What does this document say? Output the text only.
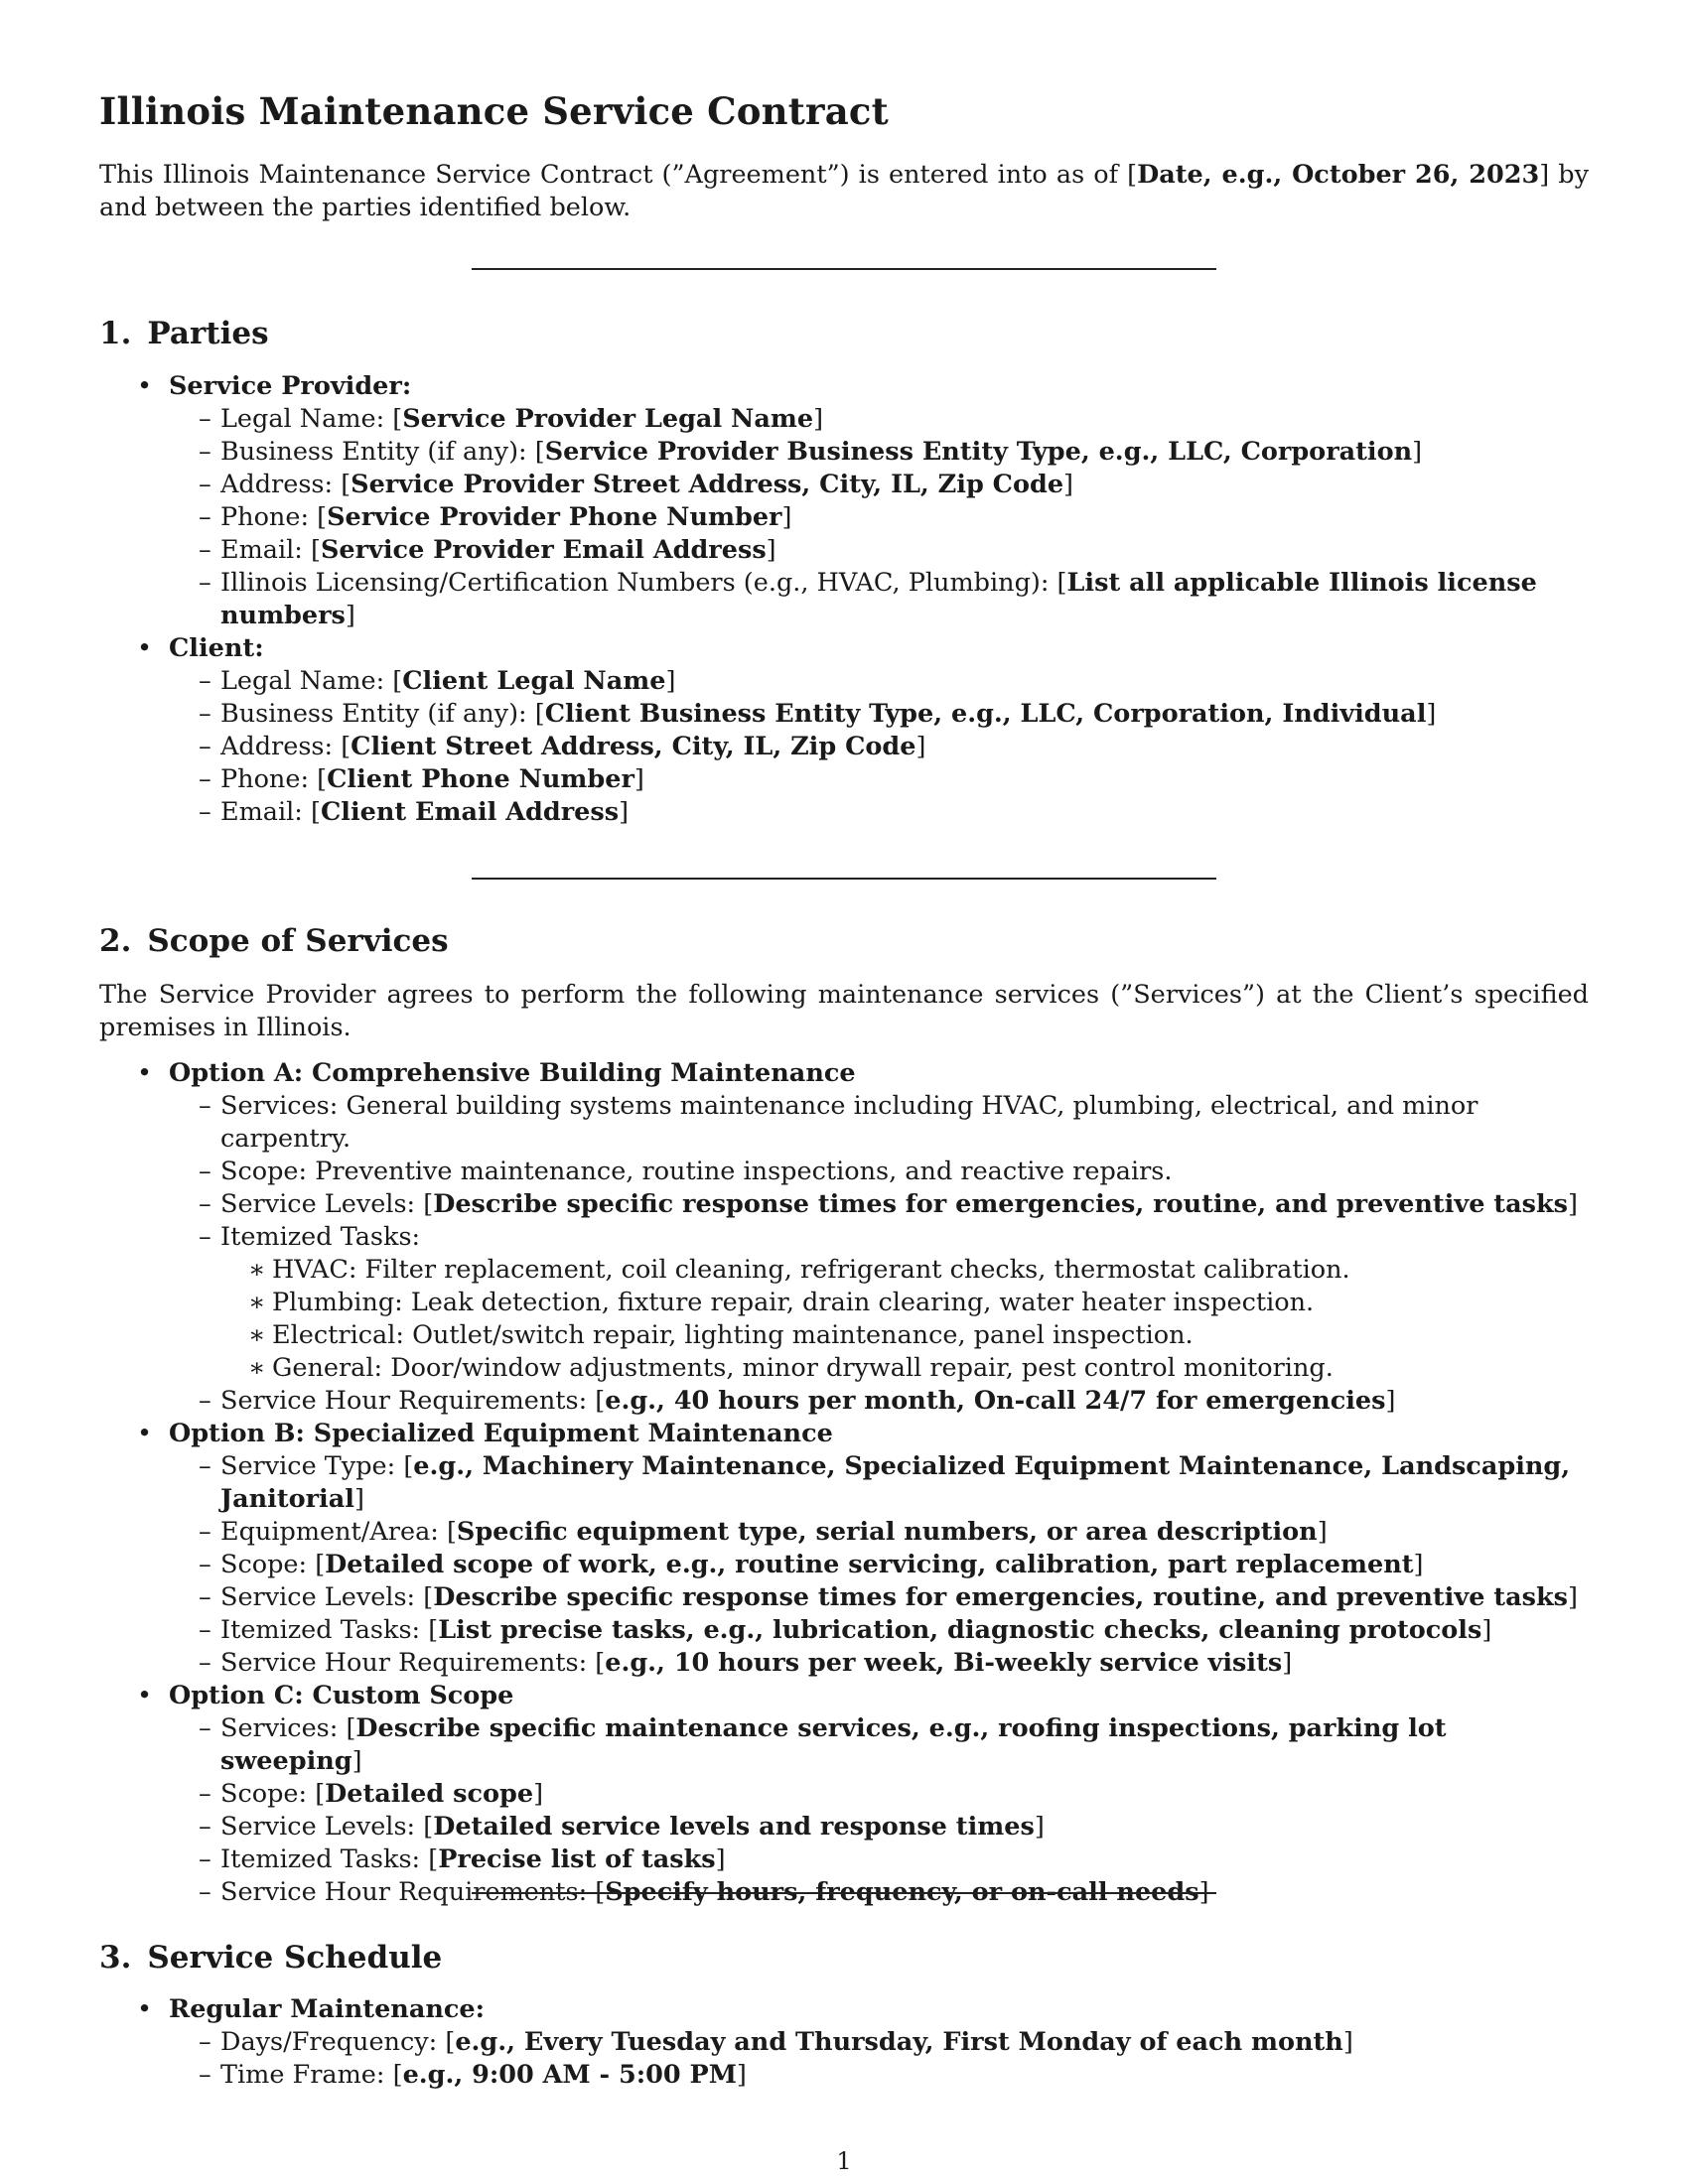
Illinois Maintenance Service Contract
This Illinois Maintenance Service Contract (”Agreement”) is entered into as of [Date, e.g., October 26, 2023] by and between the parties identified below.
1. Parties
• Service Provider:
– Legal Name: [Service Provider Legal Name]
– Business Entity (if any): [Service Provider Business Entity Type, e.g., LLC, Corporation]
– Address: [Service Provider Street Address, City, IL, Zip Code]
– Phone: [Service Provider Phone Number]
– Email: [Service Provider Email Address]
– Illinois Licensing/Certification Numbers (e.g., HVAC, Plumbing): [List all applicable Illinois license numbers]
• Client:
– Legal Name: [Client Legal Name]
– Business Entity (if any): [Client Business Entity Type, e.g., LLC, Corporation, Individual]
– Address: [Client Street Address, City, IL, Zip Code]
– Phone: [Client Phone Number]
– Email: [Client Email Address]
2. Scope of Services
The Service Provider agrees to perform the following maintenance services (”Services”) at the Client’s specified premises in Illinois.
• Option A: Comprehensive Building Maintenance
– Services: General building systems maintenance including HVAC, plumbing, electrical, and minor carpentry.
– Scope: Preventive maintenance, routine inspections, and reactive repairs.
– Service Levels: [Describe specific response times for emergencies, routine, and preventive tasks]
– Itemized Tasks:
∗ HVAC: Filter replacement, coil cleaning, refrigerant checks, thermostat calibration.
∗ Plumbing: Leak detection, fixture repair, drain clearing, water heater inspection.
∗ Electrical: Outlet/switch repair, lighting maintenance, panel inspection.
∗ General: Door/window adjustments, minor drywall repair, pest control monitoring.
– Service Hour Requirements: [e.g., 40 hours per month, On-call 24/7 for emergencies]
• Option B: Specialized Equipment Maintenance
– Service Type: [e.g., Machinery Maintenance, Specialized Equipment Maintenance, Landscaping, Janitorial]
– Equipment/Area: [Specific equipment type, serial numbers, or area description]
– Scope: [Detailed scope of work, e.g., routine servicing, calibration, part replacement]
– Service Levels: [Describe specific response times for emergencies, routine, and preventive tasks]
– Itemized Tasks: [List precise tasks, e.g., lubrication, diagnostic checks, cleaning protocols]
– Service Hour Requirements: [e.g., 10 hours per week, Bi-weekly service visits]
• Option C: Custom Scope
– Services: [Describe specific maintenance services, e.g., roofing inspections, parking lot sweeping]
– Scope: [Detailed scope]
– Service Levels: [Detailed service levels and response times]
– Itemized Tasks: [Precise list of tasks]
– Service Hour Requirements: [Specify hours, frequency, or on-call needs]
3. Service Schedule
• Regular Maintenance:
– Days/Frequency: [e.g., Every Tuesday and Thursday, First Monday of each month]
– Time Frame: [e.g., 9:00 AM - 5:00 PM]
1
